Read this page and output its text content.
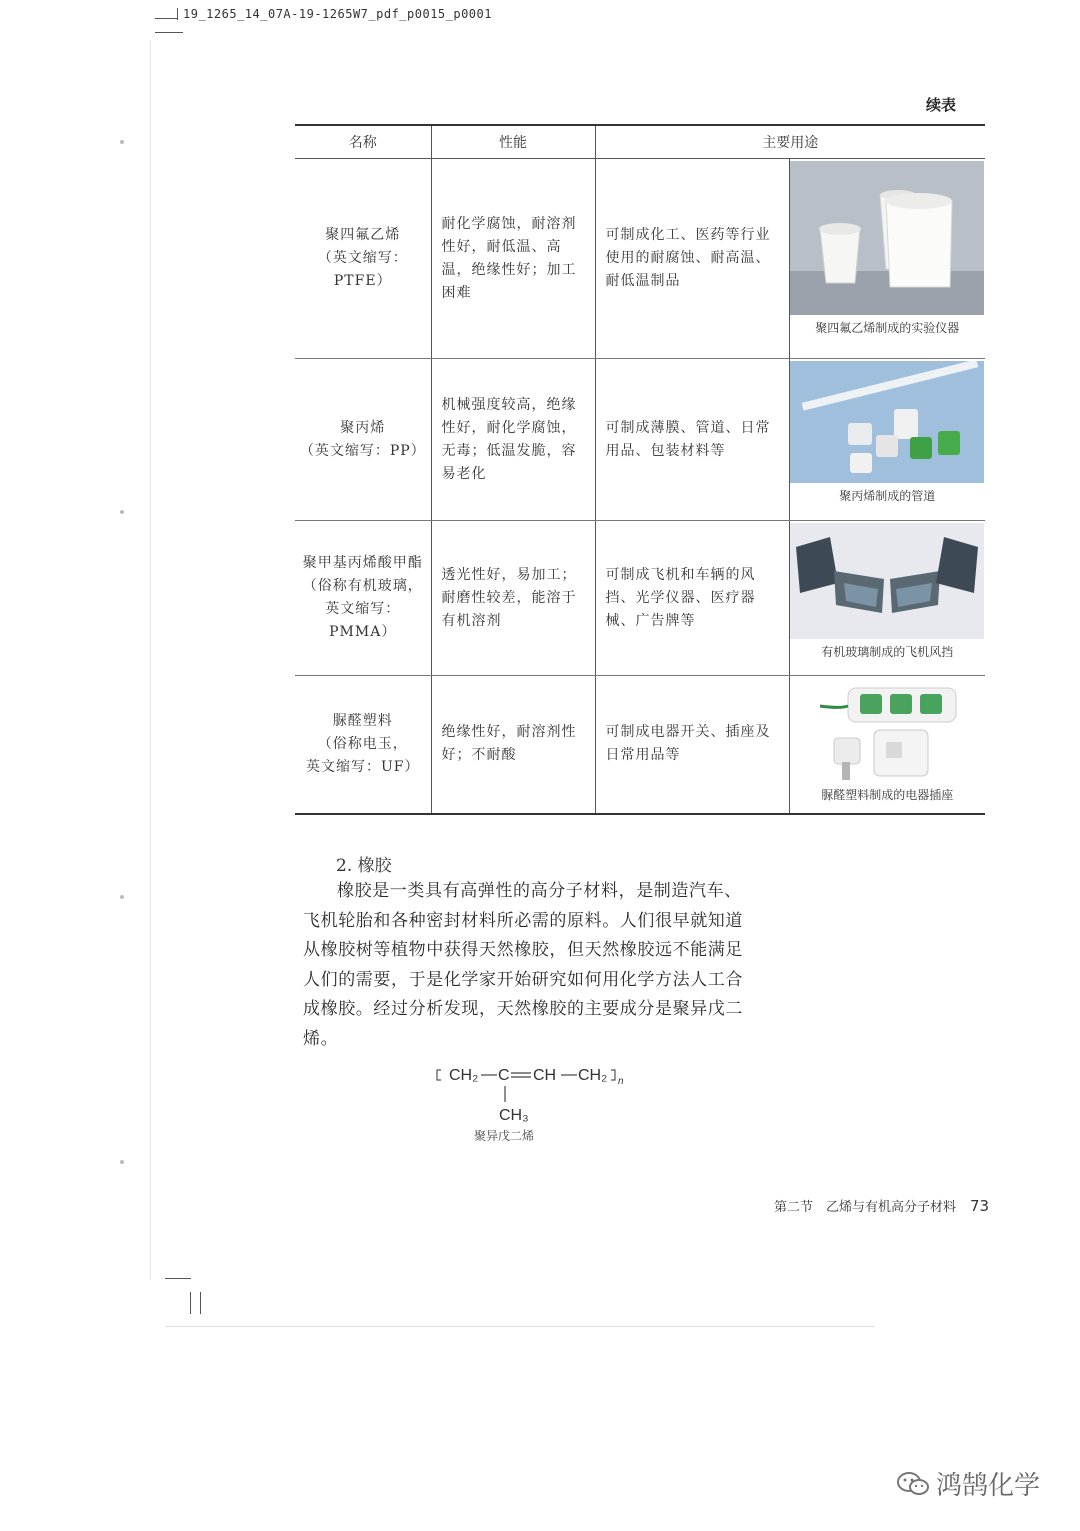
19_1265_14_07A-19-1265W7_pdf_p0015_p0001
续表
名称	性能	主要用途	

聚四氟乙烯
（英文缩写：PTFE）	耐化学腐蚀，耐溶剂性好，耐低温、高温，绝缘性好；加工困难	可制成化工、医药等行业使用的耐腐蚀、耐高温、耐低温制品	聚四氟乙烯制成的实验仪器

聚丙烯
（英文缩写：PP）	机械强度较高，绝缘性好，耐化学腐蚀，无毒；低温发脆，容易老化	可制成薄膜、管道、日常用品、包装材料等	聚丙烯制成的管道

聚甲基丙烯酸甲酯
（俗称有机玻璃，
英文缩写：PMMA）	透光性好，易加工；耐磨性较差，能溶于有机溶剂	可制成飞机和车辆的风挡、光学仪器、医疗器械、广告牌等	有机玻璃制成的飞机风挡

脲醛塑料
（俗称电玉，
英文缩写：UF）	绝缘性好，耐溶剂性好；不耐酸	可制成电器开关、插座及日常用品等	脲醛塑料制成的电器插座
2. 橡胶
橡胶是一类具有高弹性的高分子材料，是制造汽车、飞机轮胎和各种密封材料所必需的原料。人们很早就知道从橡胶树等植物中获得天然橡胶，但天然橡胶远不能满足人们的需要，于是化学家开始研究如何用化学方法人工合成橡胶。经过分析发现，天然橡胶的主要成分是聚异戊二烯。
CH₂ C CH CH₂ n
CH₃
聚异戊二烯
第二节　乙烯与有机高分子材料 73
鸿鹄化学
